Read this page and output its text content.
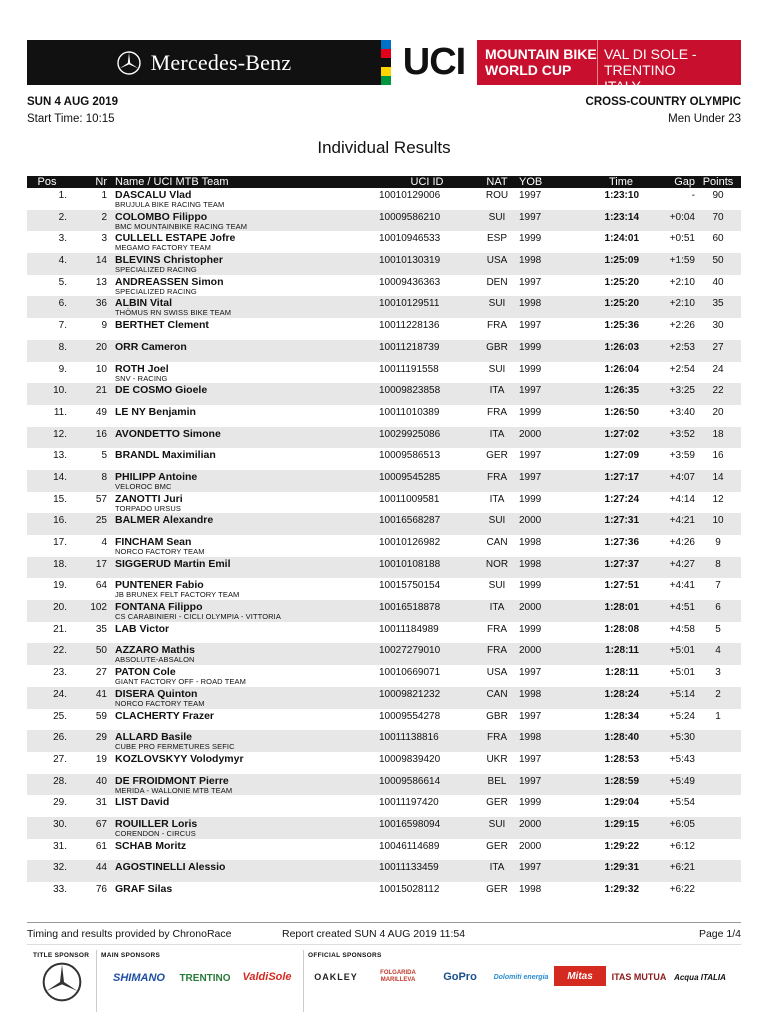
Mercedes-Benz	UCI	MOUNTAIN BIKE
WORLD CUP
VAL DI SOLE - TRENTINO
ITALY
SUN 4 AUG 2019
Start Time: 10:15
CROSS-COUNTRY OLYMPIC
Men Under 23
Individual Results
Pos	Nr	Name / UCI MTB Team	UCI ID	NAT	YOB	Time	Gap	Points
1.	1	DASCALU Vlad
BRUJULA BIKE RACING TEAM	10010129006	ROU	1997	1:23:10	-	90
2.	2	COLOMBO Filippo
BMC MOUNTAINBIKE RACING TEAM	10009586210	SUI	1997	1:23:14	+0:04	70
3.	3	CULLELL ESTAPE Jofre
MEGAMO FACTORY TEAM	10010946533	ESP	1999	1:24:01	+0:51	60
4.	14	BLEVINS Christopher
SPECIALIZED RACING	10010130319	USA	1998	1:25:09	+1:59	50
5.	13	ANDREASSEN Simon
SPECIALIZED RACING	10009436363	DEN	1997	1:25:20	+2:10	40
6.	36	ALBIN Vital
THÖMUS RN SWISS BIKE TEAM	10010129511	SUI	1998	1:25:20	+2:10	35
7.	9	BERTHET Clement	10011228136	FRA	1997	1:25:36	+2:26	30
8.	20	ORR Cameron	10011218739	GBR	1999	1:26:03	+2:53	27
9.	10	ROTH Joel
SNV - RACING	10011191558	SUI	1999	1:26:04	+2:54	24
10.	21	DE COSMO Gioele	10009823858	ITA	1997	1:26:35	+3:25	22
11.	49	LE NY Benjamin	10011010389	FRA	1999	1:26:50	+3:40	20
12.	16	AVONDETTO Simone	10029925086	ITA	2000	1:27:02	+3:52	18
13.	5	BRANDL Maximilian	10009586513	GER	1997	1:27:09	+3:59	16
14.	8	PHILIPP Antoine
VELOROC BMC	10009545285	FRA	1997	1:27:17	+4:07	14
15.	57	ZANOTTI Juri
TORPADO URSUS	10011009581	ITA	1999	1:27:24	+4:14	12
16.	25	BALMER Alexandre	10016568287	SUI	2000	1:27:31	+4:21	10
17.	4	FINCHAM Sean
NORCO FACTORY TEAM	10010126982	CAN	1998	1:27:36	+4:26	9
18.	17	SIGGERUD Martin Emil	10010108188	NOR	1998	1:27:37	+4:27	8
19.	64	PUNTENER Fabio
JB BRUNEX FELT FACTORY TEAM	10015750154	SUI	1999	1:27:51	+4:41	7
20.	102	FONTANA Filippo
CS CARABINIERI - CICLI OLYMPIA - VITTORIA	10016518878	ITA	2000	1:28:01	+4:51	6
21.	35	LAB Victor	10011184989	FRA	1999	1:28:08	+4:58	5
22.	50	AZZARO Mathis
ABSOLUTE-ABSALON	10027279010	FRA	2000	1:28:11	+5:01	4
23.	27	PATON Cole
GIANT FACTORY OFF - ROAD TEAM	10010669071	USA	1997	1:28:11	+5:01	3
24.	41	DISERA Quinton
NORCO FACTORY TEAM	10009821232	CAN	1998	1:28:24	+5:14	2
25.	59	CLACHERTY Frazer	10009554278	GBR	1997	1:28:34	+5:24	1
26.	29	ALLARD Basile
CUBE PRO FERMETURES SEFIC	10011138816	FRA	1998	1:28:40	+5:30	
27.	19	KOZLOVSKYY Volodymyr	10009839420	UKR	1997	1:28:53	+5:43	
28.	40	DE FROIDMONT Pierre
MERIDA - WALLONIE MTB TEAM	10009586614	BEL	1997	1:28:59	+5:49	
29.	31	LIST David	10011197420	GER	1999	1:29:04	+5:54	
30.	67	ROUILLER Loris
CORENDON - CIRCUS	10016598094	SUI	2000	1:29:15	+6:05	
31.	61	SCHAB Moritz	10046114689	GER	2000	1:29:22	+6:12	
32.	44	AGOSTINELLI Alessio	10011133459	ITA	1997	1:29:31	+6:21	
33.	76	GRAF Silas	10015028112	GER	1998	1:29:32	+6:22	
Timing and results provided by ChronoRace	Report created SUN 4 AUG 2019 11:54	Page 1/4
TITLE SPONSOR MAIN SPONSORS	OFFICIAL SPONSORS
SHIMANO	TRENTINO	ValdiSole	OAKLEY	FOLGARIDA MARILLEVA	GoPro	Dolomiti energia	Mitas	ITAS MUTUA Acqua ITALIA
